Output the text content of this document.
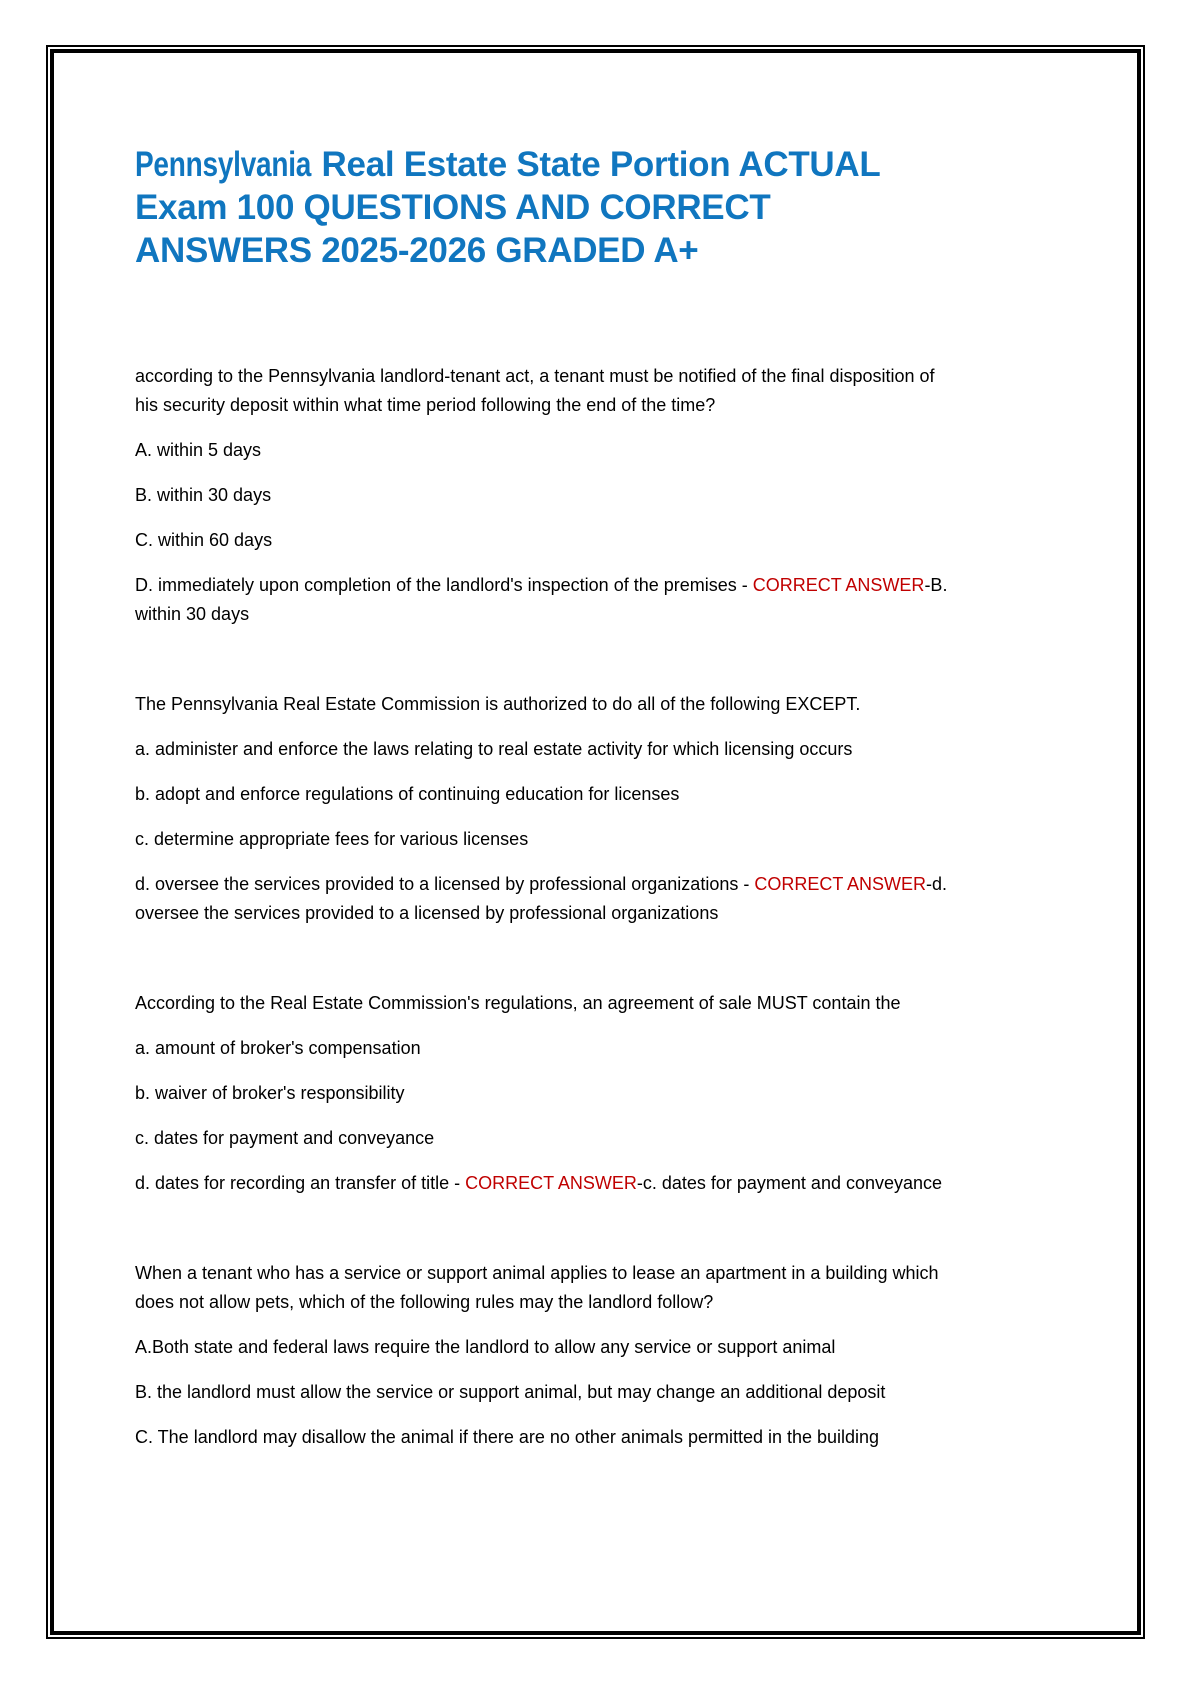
Pennsylvania Real Estate State Portion ACTUAL
Exam 100 QUESTIONS AND CORRECT
ANSWERS 2025-2026 GRADED A+

according to the Pennsylvania landlord-tenant act, a tenant must be notified of the final disposition of his security deposit within what time period following the end of the time?

A. within 5 days

B. within 30 days

C. within 60 days

D. immediately upon completion of the landlord's inspection of the premises - CORRECT ANSWER-B. within 30 days

The Pennsylvania Real Estate Commission is authorized to do all of the following EXCEPT.

a. administer and enforce the laws relating to real estate activity for which licensing occurs

b. adopt and enforce regulations of continuing education for licenses

c. determine appropriate fees for various licenses

d. oversee the services provided to a licensed by professional organizations - CORRECT ANSWER-d. oversee the services provided to a licensed by professional organizations

According to the Real Estate Commission's regulations, an agreement of sale MUST contain the

a. amount of broker's compensation

b. waiver of broker's responsibility

c. dates for payment and conveyance

d. dates for recording an transfer of title - CORRECT ANSWER-c. dates for payment and conveyance

When a tenant who has a service or support animal applies to lease an apartment in a building which does not allow pets, which of the following rules may the landlord follow?

A.Both state and federal laws require the landlord to allow any service or support animal

B. the landlord must allow the service or support animal, but may change an additional deposit

C. The landlord may disallow the animal if there are no other animals permitted in the building
